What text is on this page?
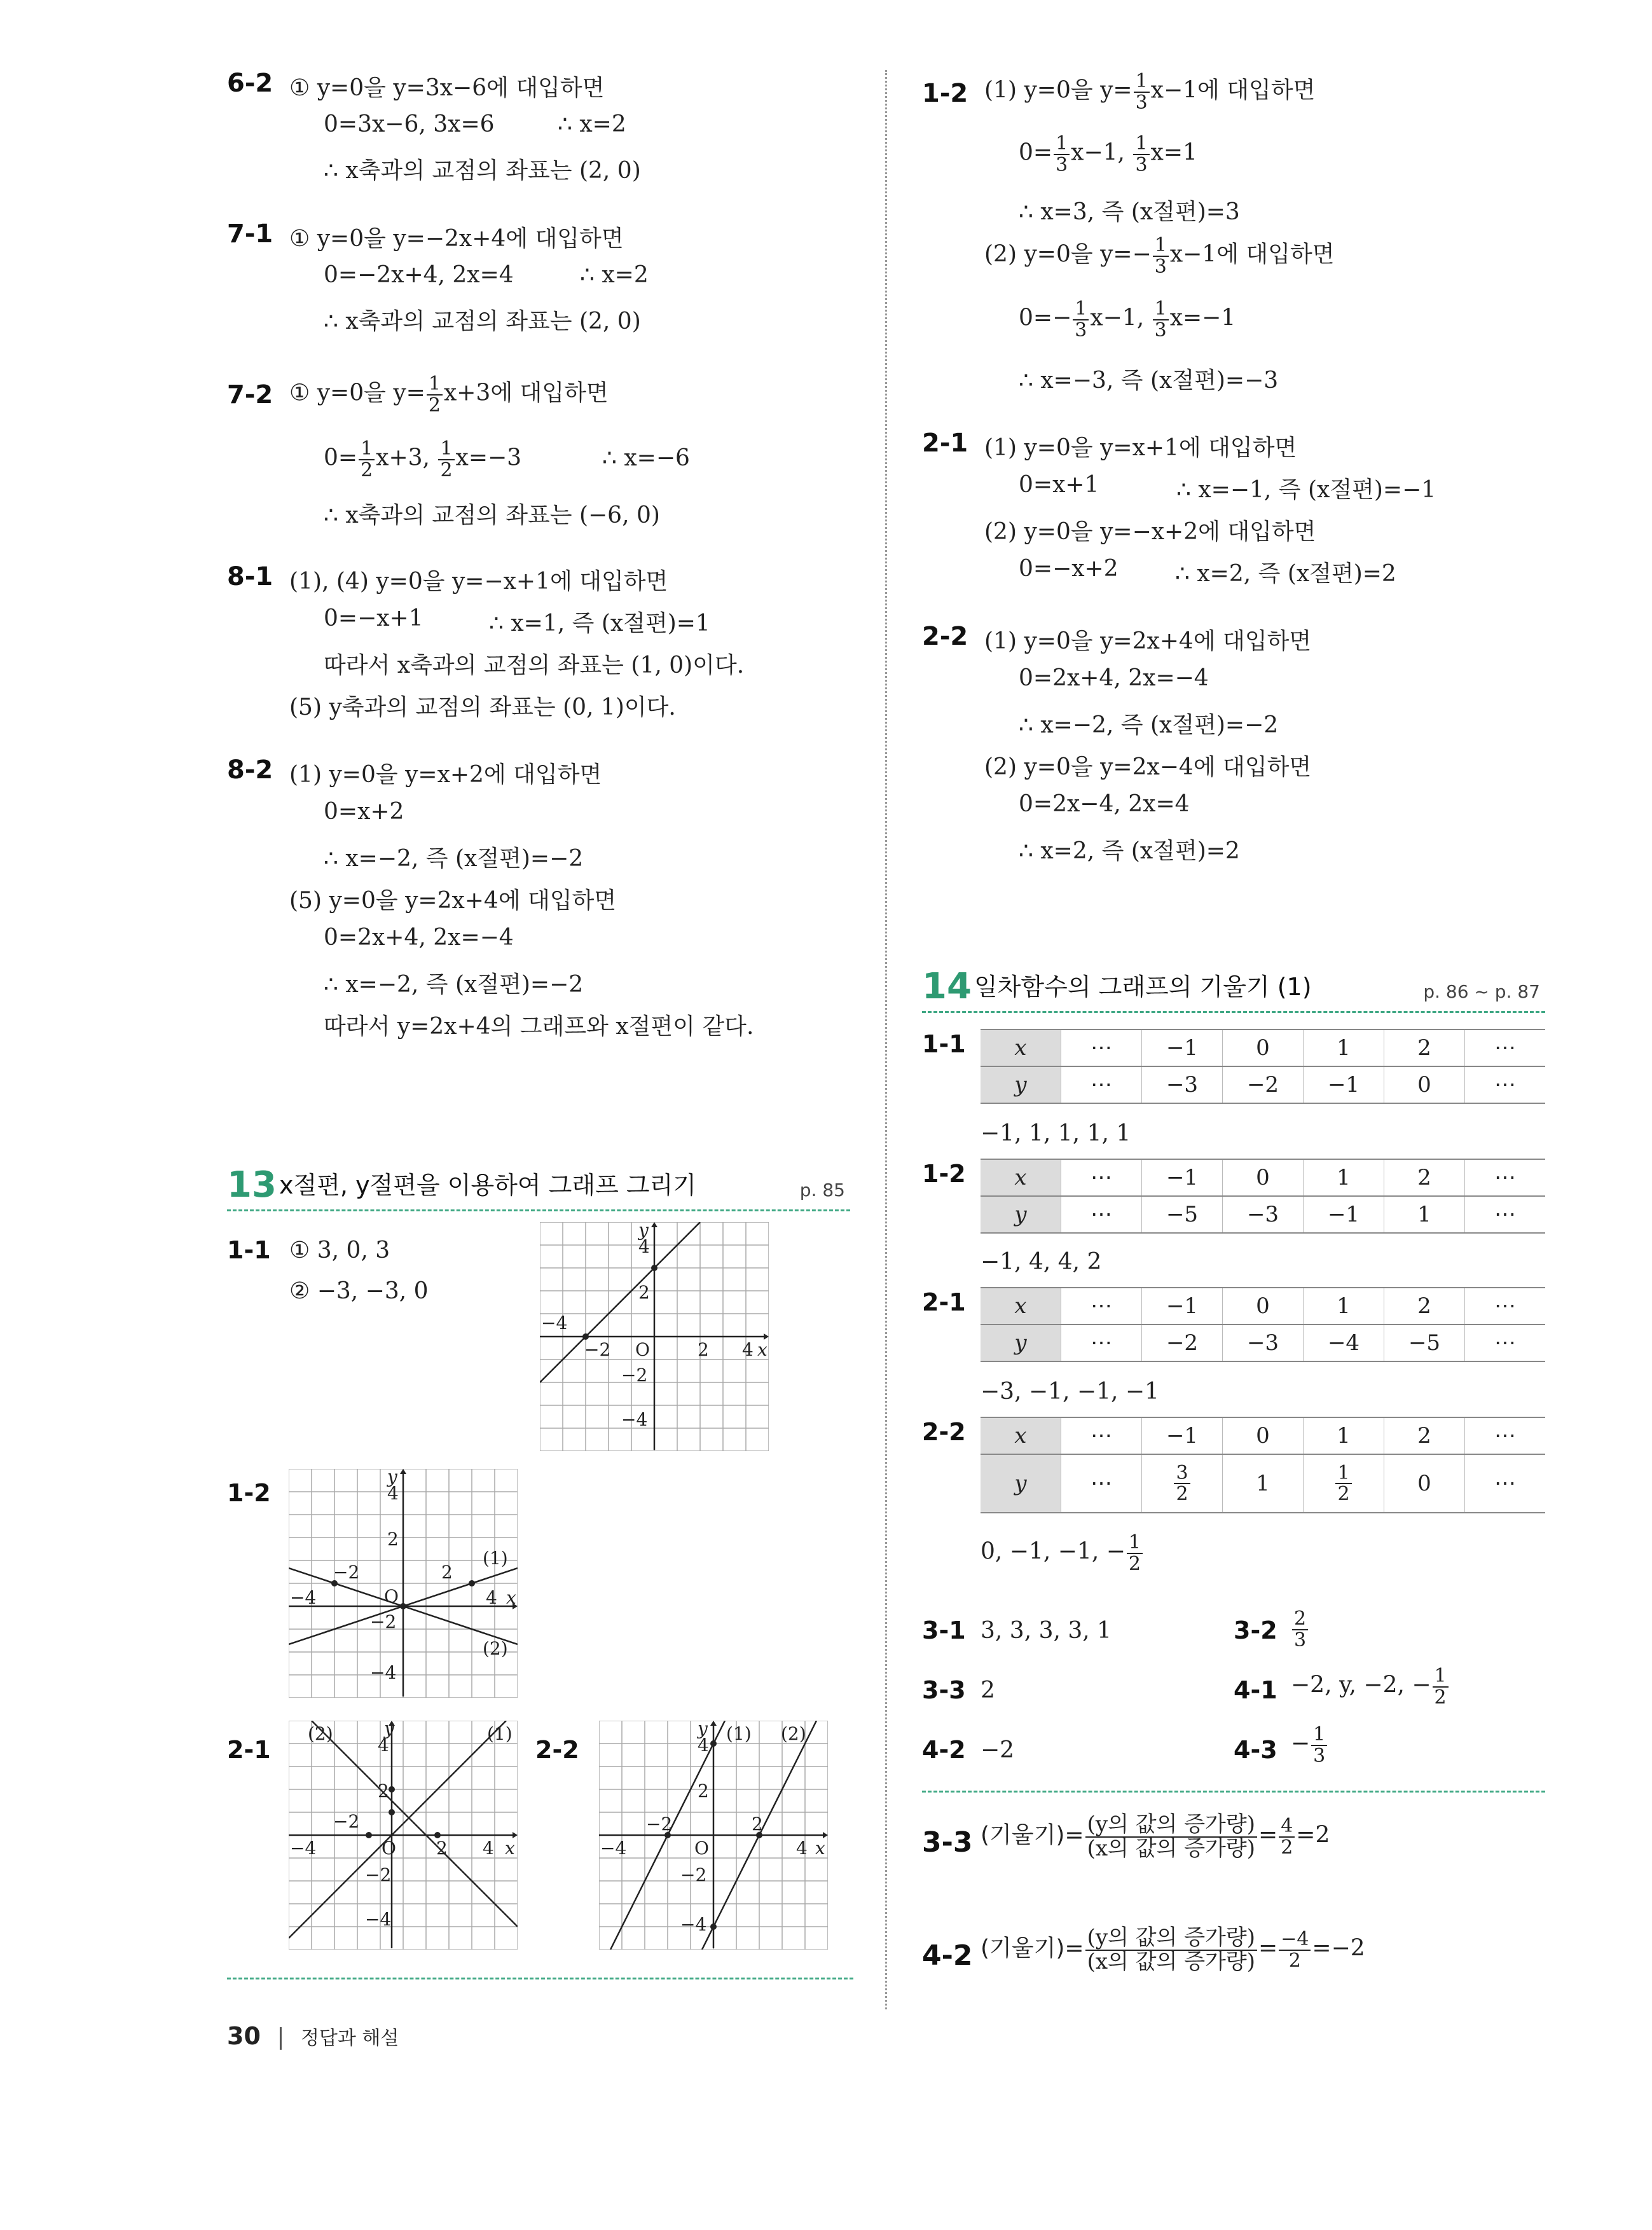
6-2 ① y=0을 y=3x−6에 대입하면
0=3x−6, 3x=6	∴ x=2
∴ x축과의 교점의 좌표는 (2, 0)
7-1 ① y=0을 y=−2x+4에 대입하면
0=−2x+4, 2x=4	∴ x=2
∴ x축과의 교점의 좌표는 (2, 0)
7-2 ① y=0을 $y= \frac{1}{2} x+3$에 대입하면
$0= \frac{1}{2} x+3$, $\frac{1}{2} x=-3$	∴ x=−6
∴ x축과의 교점의 좌표는 (−6, 0)
8-1 (1), (4) y=0을 y=−x+1에 대입하면
0=−x+1	∴ x=1, 즉 (x절편)=1
따라서 x축과의 교점의 좌표는 (1, 0)이다.
(5) y축과의 교점의 좌표는 (0, 1)이다.
8-2 (1) y=0을 y=x+2에 대입하면
0=x+2
∴ x=−2, 즉 (x절편)=−2
(5) y=0을 y=2x+4에 대입하면
0=2x+4, 2x=−4
∴ x=−2, 즉 (x절편)=−2
따라서 y=2x+4의 그래프와 x절편이 같다.
13 x절편, y절편을 이용하여 그래프 그리기	p. 85
1-1 ① 3, 0, 3
② −3, −3, 0
1-2
2-1	2-2
y
x
O
4
2
2 4
−2
−4
−2
−4
y
x
O
4
2
2
4
−2
−4
−2
−4
(1)
(2)
y
x
O
4
2
2 4
−2
−4
−2
−4
(2)	(1)	y
x
O
4
2
2
4
−2
−4
−2
−4
(1) (2)
1-2 (1) y=0을 $y= \frac{1}{3} x-1$에 대입하면
$0= \frac{1}{3} x-1$, $\frac{1}{3} x=1$
∴ x=3, 즉 (x절편)=3
(2) y=0을 $y=- \frac{1}{3} x-1$에 대입하면
$0=- \frac{1}{3} x-1$, $\frac{1}{3} x=-1$
∴ x=−3, 즉 (x절편)=−3
2-1 (1) y=0을 y=x+1에 대입하면
0=x+1	∴ x=−1, 즉 (x절편)=−1
(2) y=0을 y=−x+2에 대입하면
0=−x+2 ∴ x=2, 즉 (x절편)=2
2-2 (1) y=0을 y=2x+4에 대입하면
0=2x+4, 2x=−4
∴ x=−2, 즉 (x절편)=−2
(2) y=0을 y=2x−4에 대입하면
0=2x−4, 2x=4
∴ x=2, 즉 (x절편)=2
14 일차함수의 그래프의 기울기 (1)	p. 86 ~ p. 87
1-1 x	⋯	−1	0	1	2	⋯
y	⋯	−3	−2	−1	0	⋯
−1, 1, 1, 1, 1
1-2 x	⋯	−1	0	1	2	⋯
y	⋯	−5	−3	−1	1	⋯
−1, 4, 4, 2
2-1 x	⋯	−1	0	1	2	⋯
y	⋯	−2	−3	−4	−5	⋯
−3, −1, −1, −1
2-2 x	⋯	−1	0	1	2	⋯
y	⋯	$\frac{3}{2}$	1	$\frac{1}{2}$	0	⋯
0, −1, −1, − $\frac{1}{2}$
3-1 3, 3, 3, 3, 1	$3-2 \frac{2}{3}$
3-3 2	4-1 −2, y, −2, − $\frac{1}{2}$
4-2 −2	$4-3 - \frac{1}{3}$
3-3 (기울기)= $\frac{\text{(y의 값의 증가량)}}{\text{(x의 값의 증가량)}} = \frac{4}{2} =2$
4-2 (기울기)= $\frac{\text{(y의 값의 증가량)}}{\text{(x의 값의 증가량)}} = \frac{-4}{2} =-2$
30 | 정답과 해설
